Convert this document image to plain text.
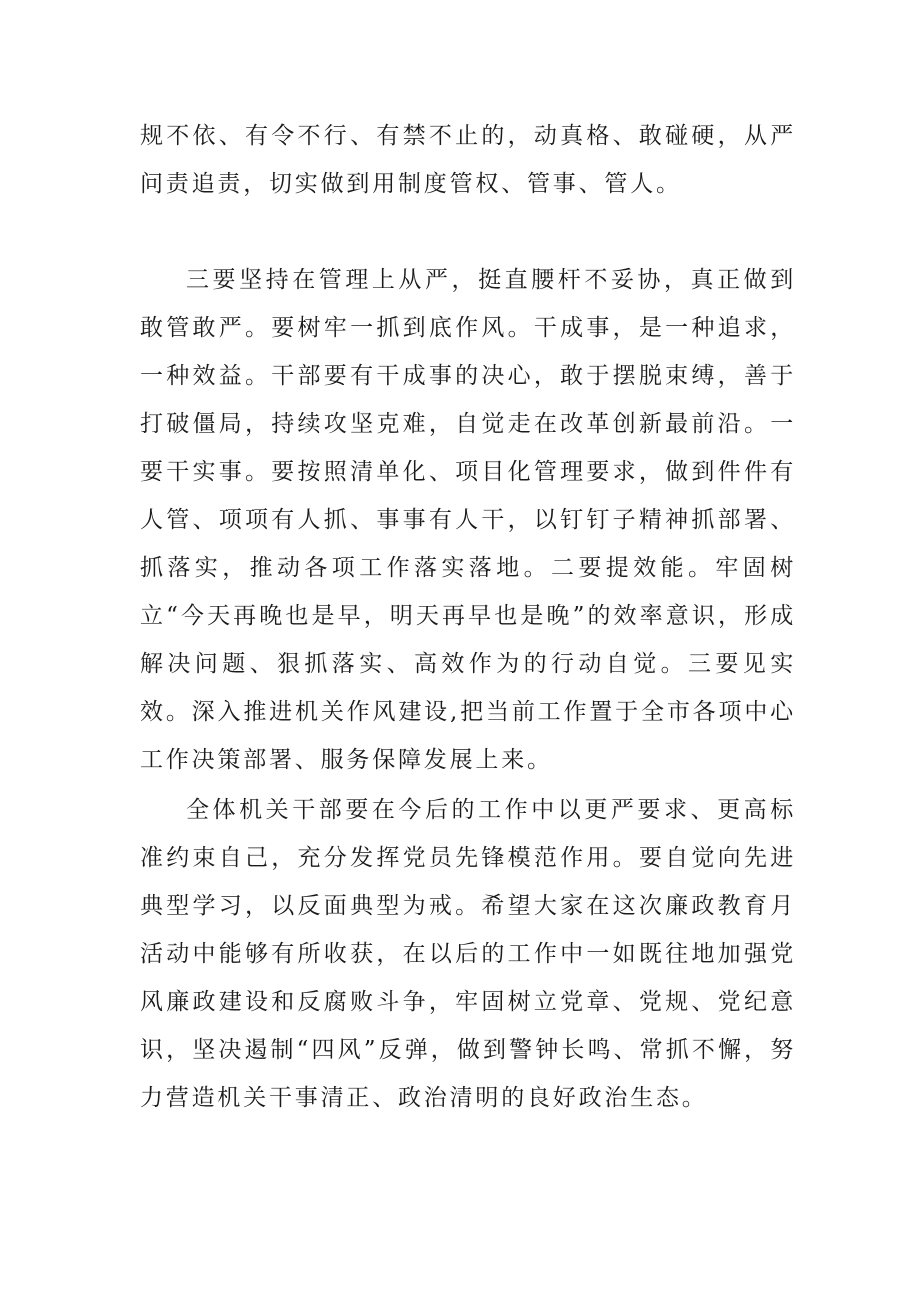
规不依、有令不行、有禁不止的，动真格、敢碰硬，从严问责追责，切实做到用制度管权、管事、管人。

三要坚持在管理上从严，挺直腰杆不妥协，真正做到敢管敢严。要树牢一抓到底作风。干成事，是一种追求，一种效益。干部要有干成事的决心，敢于摆脱束缚，善于打破僵局，持续攻坚克难，自觉走在改革创新最前沿。一要干实事。要按照清单化、项目化管理要求，做到件件有人管、项项有人抓、事事有人干，以钉钉子精神抓部署、抓落实，推动各项工作落实落地。二要提效能。牢固树立“今天再晚也是早，明天再早也是晚”的效率意识，形成解决问题、狠抓落实、高效作为的行动自觉。三要见实效。深入推进机关作风建设,把当前工作置于全市各项中心工作决策部署、服务保障发展上来。

全体机关干部要在今后的工作中以更严要求、更高标准约束自己，充分发挥党员先锋模范作用。要自觉向先进典型学习，以反面典型为戒。希望大家在这次廉政教育月活动中能够有所收获，在以后的工作中一如既往地加强党风廉政建设和反腐败斗争，牢固树立党章、党规、党纪意识，坚决遏制“四风”反弹，做到警钟长鸣、常抓不懈，努力营造机关干事清正、政治清明的良好政治生态。
